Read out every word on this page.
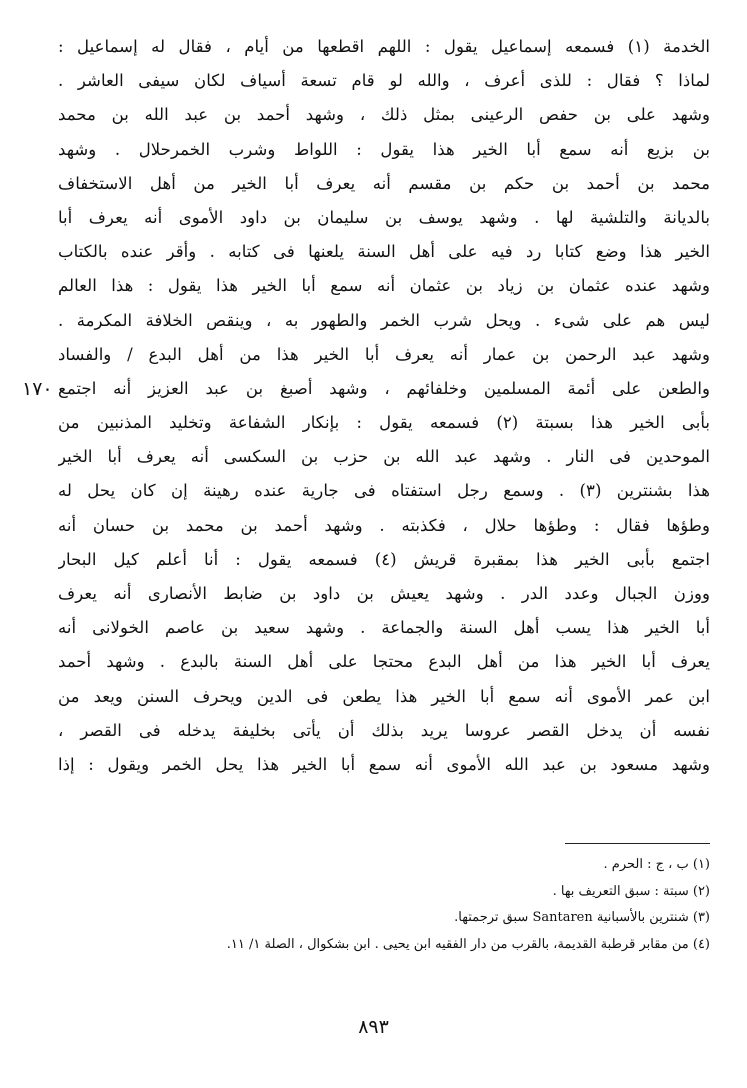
الخدمة (١) فسمعه إسماعيل يقول : اللهم اقطعها من أيام ، فقال له إسماعيل :
لماذا ؟ فقال : للذى أعرف ، والله لو قام تسعة أسياف لكان سيفى العاشر .
وشهد على بن حفص الرعينى بمثل ذلك ، وشهد أحمد بن عبد الله بن محمد
بن بزيع أنه سمع أبا الخير هذا يقول : اللواط وشرب الخمرحلال . وشهد
محمد بن أحمد بن حكم بن مقسم أنه يعرف أبا الخير من أهل الاستخفاف
بالديانة والتلشية لها . وشهد يوسف بن سليمان بن داود الأموى أنه يعرف أبا
الخير هذا وضع كتابا رد فيه على أهل السنة يلعنها فى كتابه . وأقر عنده بالكتاب
وشهد عنده عثمان بن زياد بن عثمان أنه سمع أبا الخير هذا يقول : هذا العالم
ليس هم على شىء . ويحل شرب الخمر والطهور به ، وينقص الخلافة المكرمة .
وشهد عبد الرحمن بن عمار أنه يعرف أبا الخير هذا من أهل البدع / والفساد
والطعن على أئمة المسلمين وخلفائهم ، وشهد أصبغ بن عبد العزيز أنه اجتمع
بأبى الخير هذا بسبتة (٢) فسمعه يقول : بإنكار الشفاعة وتخليد المذنبين من
الموحدين فى النار . وشهد عبد الله بن حزب بن السكسى أنه يعرف أبا الخير
هذا بشنترين (٣) . وسمع رجل استفتاه فى جارية عنده رهينة إن كان يحل له
وطؤها فقال : وطؤها حلال ، فكذبته . وشهد أحمد بن محمد بن حسان أنه
اجتمع بأبى الخير هذا بمقبرة قريش (٤) فسمعه يقول : أنا أعلم كيل البحار
ووزن الجبال وعدد الدر . وشهد يعيش بن داود بن ضابط الأنصارى أنه يعرف
أبا الخير هذا يسب أهل السنة والجماعة . وشهد سعيد بن عاصم الخولانى أنه
يعرف أبا الخير هذا من أهل البدع محتجا على أهل السنة بالبدع . وشهد أحمد
ابن عمر الأموى أنه سمع أبا الخير هذا يطعن فى الدين ويحرف السنن ويعد من
نفسه أن يدخل القصر عروسا يريد بذلك أن يأتى بخليفة يدخله فى القصر ،
وشهد مسعود بن عبد الله الأموى أنه سمع أبا الخير هذا يحل الخمر ويقول : إذا
١٧٠
(١) ب ، ج : الحرم .
(٢) سبتة : سبق التعريف بها .
(٣) شنترين بالأسبانية Santaren سبق ترجمتها.
(٤) من مقابر قرطبة القديمة، بالقرب من دار الفقيه ابن يحيى . ابن بشكوال ، الصلة ١/ ١١.
٨٩٣
